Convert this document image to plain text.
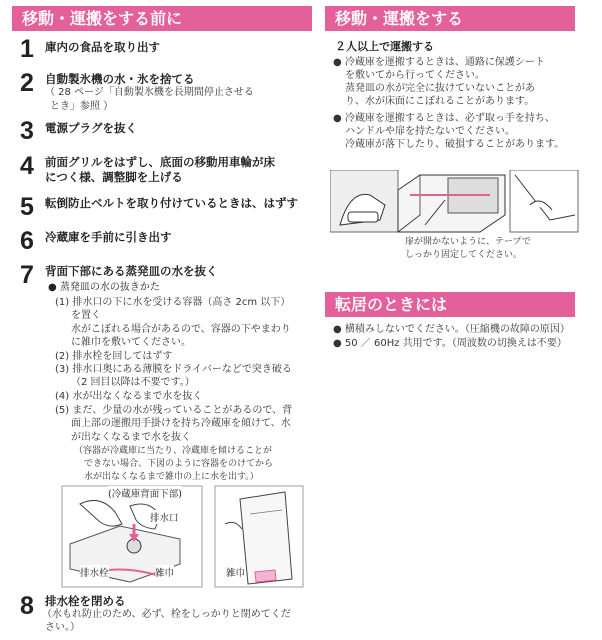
移動・運搬をする前に
1 庫内の食品を取り出す
2 自動製氷機の水・氷を捨てる
（ 28 ページ「自動製氷機を長期間停止させる
とき」参照 ）
3 電源プラグを抜く
4 前面グリルをはずし、底面の移動用車輪が床
につく様、調整脚を上げる
5 転倒防止ベルトを取り付けているときは、はずす
6 冷蔵庫を手前に引き出す
7 背面下部にある蒸発皿の水を抜く
● 蒸発皿の水の抜きかた
(1) 排水口の下に水を受ける容器（高さ 2cm 以下）
を置く
水がこぼれる場合があるので、容器の下やまわり
に雑巾を敷いてください。
(2) 排水栓を回してはずす
(3) 排水口奥にある薄膜をドライバーなどで突き破る
（2 回目以降は不要です。）
(4) 水が出なくなるまで水を抜く
(5) まだ、少量の水が残っていることがあるので、背
面上部の運搬用手掛けを持ち冷蔵庫を傾けて、水
が出なくなるまで水を抜く
（容器が冷蔵庫に当たり、冷蔵庫を傾けることが
できない場合、下図のように容器をのけてから
水が出なくなるまで雑巾の上に水を出す。）
(冷蔵庫背面下部)
排水口
排水栓	雑巾	雑巾
8 排水栓を閉める
（水もれ防止のため、必ず、栓をしっかりと閉めてくだ
さい。）
移動・運搬をする
２人以上で運搬する
● 冷蔵庫を運搬するときは、通路に保護シート
を敷いてから行ってください。
蒸発皿の水が完全に抜けていないことがあ
り、水が床面にこぼれることがあります。
● 冷蔵庫を運搬するときは、必ず取っ手を持ち、
ハンドルや扉を持たないでください。
冷蔵庫が落下したり、破損することがあります。
扉が開かないように、テープで
しっかり固定してください。
転居のときには
● 横積みしないでください。（圧縮機の故障の原因）
● 50 ／ 60Hz 共用です。（周波数の切換えは不要）
